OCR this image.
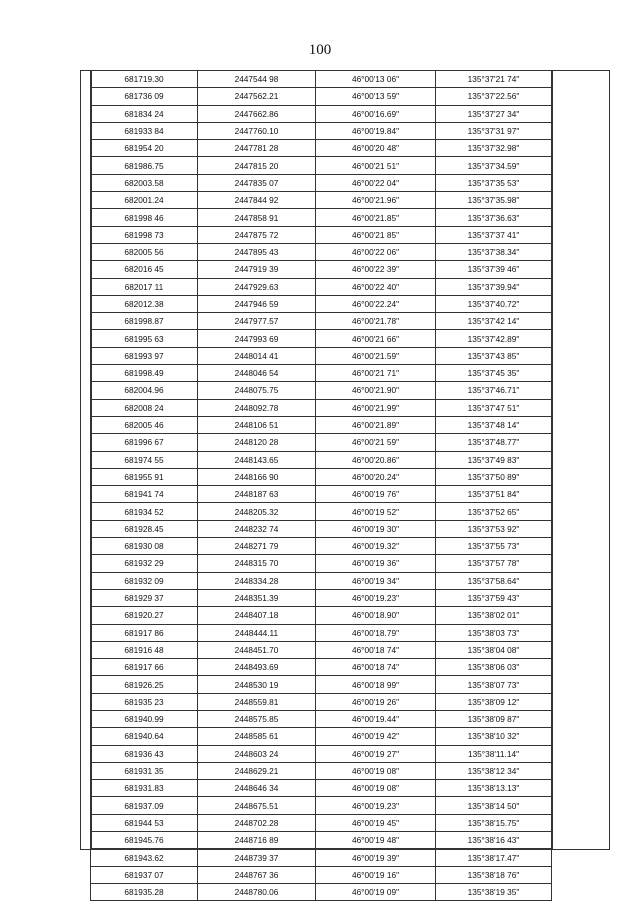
100
681719.30	2447544 98	46°00'13 06"	135°37'21 74"
681736 09	2447562.21	46°00'13 59"	135°37'22.56"
681834 24	2447662.86	46°00'16.69"	135°37'27 34"
681933 84	2447760.10	46°00'19.84"	135°37'31 97"
681954 20	2447781 28	46°00'20 48"	135°37'32.98"
681986.75	2447815 20	46°00'21 51"	135°37'34.59"
682003.58	2447835 07	46°00'22 04"	135°37'35 53"
682001.24	2447844 92	46°00'21.96"	135°37'35.98"
681998 46	2447858 91	46°00'21.85"	135°37'36.63"
681998 73	2447875 72	46°00'21 85"	135°37'37 41"
682005 56	2447895 43	46°00'22 06"	135°37'38.34"
682016 45	2447919 39	46°00'22 39"	135°37'39 46"
682017 11	2447929.63	46°00'22 40"	135°37'39.94"
682012.38	2447946 59	46°00'22.24"	135°37'40.72"
681998.87	2447977.57	46°00'21.78"	135°37'42 14"
681995 63	2447993 69	46°00'21 66"	135°37'42.89"
681993 97	2448014 41	46°00'21.59"	135°37'43 85"
681998.49	2448046 54	46°00'21 71"	135°37'45 35"
682004.96	2448075.75	46°00'21.90"	135°37'46.71"
682008 24	2448092.78	46°00'21.99"	135°37'47 51"
682005 46	2448106 51	46°00'21.89"	135°37'48 14"
681996 67	2448120 28	46°00'21 59"	135°37'48.77"
681974 55	2448143.65	46°00'20.86"	135°37'49 83"
681955 91	2448166 90	46°00'20.24"	135°37'50 89"
681941 74	2448187 63	46°00'19 76"	135°37'51 84"
681934 52	2448205.32	46°00'19 52"	135°37'52 65"
681928.45	2448232 74	46°00'19 30"	135°37'53 92"
681930 08	2448271 79	46°00'19.32"	135°37'55 73"
681932 29	2448315 70	46°00'19 36"	135°37'57 78"
681932 09	2448334.28	46°00'19 34"	135°37'58.64"
681929 37	2448351.39	46°00'19.23"	135°37'59 43"
681920.27	2448407.18	46°00'18.90"	135°38'02 01"
681917 86	2448444.11	46°00'18.79"	135°38'03 73"
681916 48	2448451.70	46°00'18 74"	135°38'04 08"
681917 66	2448493.69	46°00'18 74"	135°38'06 03"
681926.25	2448530 19	46°00'18 99"	135°38'07 73"
681935 23	2448559.81	46°00'19 26"	135°38'09 12"
681940.99	2448575.85	46°00'19.44"	135°38'09 87"
681940.64	2448585 61	46°00'19 42"	135°38'10 32"
681936 43	2448603 24	46°00'19 27"	135°38'11.14"
681931 35	2448629.21	46°00'19 08"	135°38'12 34"
681931.83	2448646 34	46°00'19 08"	135°38'13.13"
681937.09	2448675.51	46°00'19.23"	135°38'14 50"
681944 53	2448702.28	46°00'19 45"	135°38'15.75"
681945.76	2448716 89	46°00'19 48"	135°38'16 43"
681943.62	2448739 37	46°00'19 39"	135°38'17.47"
681937 07	2448767 36	46°00'19 16"	135°38'18 76"
681935.28	2448780.06	46°00'19 09"	135°38'19 35"
